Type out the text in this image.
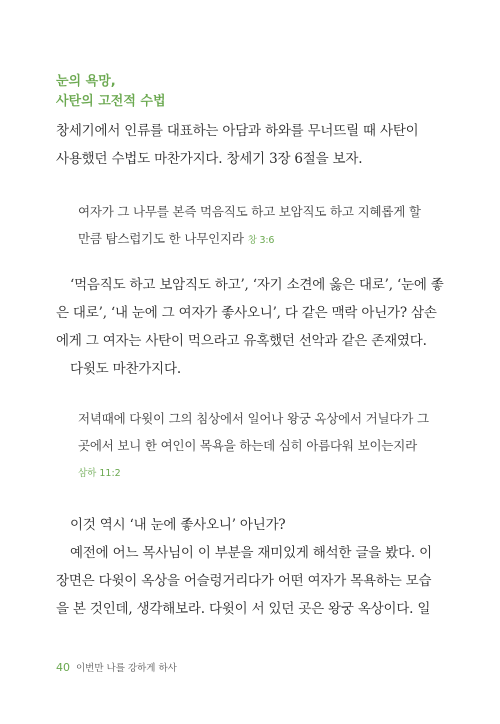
눈의 욕망,
사탄의 고전적 수법
창세기에서 인류를 대표하는 아담과 하와를 무너뜨릴 때 사탄이
사용했던 수법도 마찬가지다. 창세기 3장 6절을 보자.
여자가 그 나무를 본즉 먹음직도 하고 보암직도 하고 지혜롭게 할
만큼 탐스럽기도 한 나무인지라 창 3:6
‘먹음직도 하고 보암직도 하고’, ‘자기 소견에 옳은 대로’, ‘눈에 좋
은 대로’, ‘내 눈에 그 여자가 좋사오니’, 다 같은 맥락 아닌가? 삼손
에게 그 여자는 사탄이 먹으라고 유혹했던 선악과 같은 존재였다.
다윗도 마찬가지다.
저녁때에 다윗이 그의 침상에서 일어나 왕궁 옥상에서 거닐다가 그
곳에서 보니 한 여인이 목욕을 하는데 심히 아름다워 보이는지라
삼하 11:2
이것 역시 ‘내 눈에 좋사오니’ 아닌가?
예전에 어느 목사님이 이 부분을 재미있게 해석한 글을 봤다. 이
장면은 다윗이 옥상을 어슬렁거리다가 어떤 여자가 목욕하는 모습
을 본 것인데, 생각해보라. 다윗이 서 있던 곳은 왕궁 옥상이다. 일
40 이번만 나를 강하게 하사
